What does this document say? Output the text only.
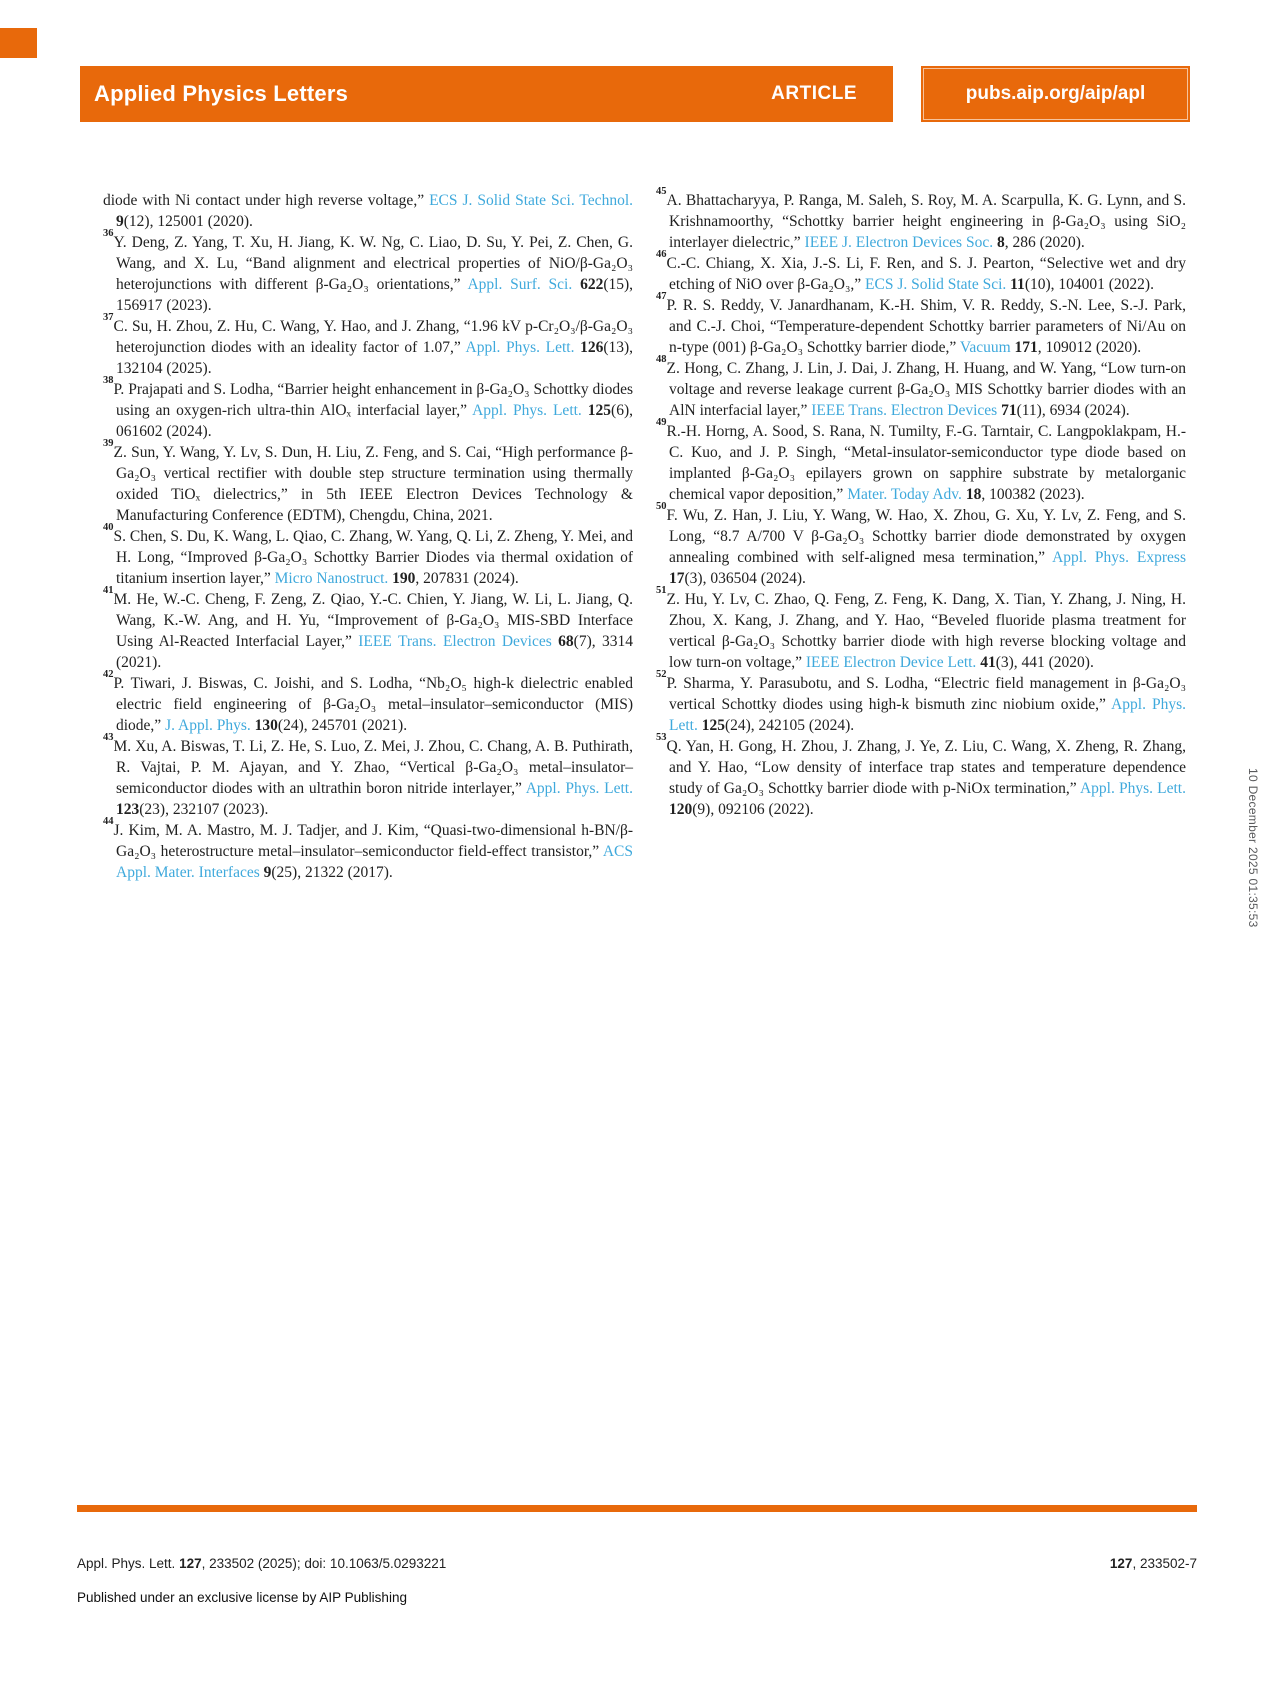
Applied Physics Letters	ARTICLE	pubs.aip.org/aip/apl
diode with Ni contact under high reverse voltage,” ECS J. Solid State Sci. Technol. 9(12), 125001 (2020).
$^{36}$Y. Deng, Z. Yang, T. Xu, H. Jiang, K. W. Ng, C. Liao, D. Su, Y. Pei, Z. Chen, G. Wang, and X. Lu, “Band alignment and electrical properties of NiO/β-Ga₂O₃ heterojunctions with different β-Ga₂O₃ orientations,” Appl. Surf. Sci. 622(15), 156917 (2023).
$^{37}$C. Su, H. Zhou, Z. Hu, C. Wang, Y. Hao, and J. Zhang, “1.96 kV p-Cr₂O₃/β-Ga₂O₃ heterojunction diodes with an ideality factor of 1.07,” Appl. Phys. Lett. 126(13), 132104 (2025).
$^{38}$P. Prajapati and S. Lodha, “Barrier height enhancement in β-Ga₂O₃ Schottky diodes using an oxygen-rich ultra-thin AlOₓ interfacial layer,” Appl. Phys. Lett. 125(6), 061602 (2024).
$^{39}$Z. Sun, Y. Wang, Y. Lv, S. Dun, H. Liu, Z. Feng, and S. Cai, “High performance β-Ga₂O₃ vertical rectifier with double step structure termination using thermally oxided TiOₓ dielectrics,” in 5th IEEE Electron Devices Technology & Manufacturing Conference (EDTM), Chengdu, China, 2021.
$^{40}$S. Chen, S. Du, K. Wang, L. Qiao, C. Zhang, W. Yang, Q. Li, Z. Zheng, Y. Mei, and H. Long, “Improved β-Ga₂O₃ Schottky Barrier Diodes via thermal oxidation of titanium insertion layer,” Micro Nanostruct. 190, 207831 (2024).
$^{41}$M. He, W.-C. Cheng, F. Zeng, Z. Qiao, Y.-C. Chien, Y. Jiang, W. Li, L. Jiang, Q. Wang, K.-W. Ang, and H. Yu, “Improvement of β-Ga₂O₃ MIS-SBD Interface Using Al-Reacted Interfacial Layer,” IEEE Trans. Electron Devices 68(7), 3314 (2021).
$^{42}$P. Tiwari, J. Biswas, C. Joishi, and S. Lodha, “Nb₂O₅ high-k dielectric enabled electric field engineering of β-Ga₂O₃ metal–insulator–semiconductor (MIS) diode,” J. Appl. Phys. 130(24), 245701 (2021).
$^{43}$M. Xu, A. Biswas, T. Li, Z. He, S. Luo, Z. Mei, J. Zhou, C. Chang, A. B. Puthirath, R. Vajtai, P. M. Ajayan, and Y. Zhao, “Vertical β-Ga₂O₃ metal–insulator–semiconductor diodes with an ultrathin boron nitride interlayer,” Appl. Phys. Lett. 123(23), 232107 (2023).
$^{44}$J. Kim, M. A. Mastro, M. J. Tadjer, and J. Kim, “Quasi-two-dimensional h-BN/β-Ga₂O₃ heterostructure metal–insulator–semiconductor field-effect transistor,” ACS Appl. Mater. Interfaces 9(25), 21322 (2017).
$^{45}$A. Bhattacharyya, P. Ranga, M. Saleh, S. Roy, M. A. Scarpulla, K. G. Lynn, and S. Krishnamoorthy, “Schottky barrier height engineering in β-Ga₂O₃ using SiO₂ interlayer dielectric,” IEEE J. Electron Devices Soc. 8, 286 (2020).
$^{46}$C.-C. Chiang, X. Xia, J.-S. Li, F. Ren, and S. J. Pearton, “Selective wet and dry etching of NiO over β-Ga₂O₃,” ECS J. Solid State Sci. 11(10), 104001 (2022).
$^{47}$P. R. S. Reddy, V. Janardhanam, K.-H. Shim, V. R. Reddy, S.-N. Lee, S.-J. Park, and C.-J. Choi, “Temperature-dependent Schottky barrier parameters of Ni/Au on n-type (001) β-Ga₂O₃ Schottky barrier diode,” Vacuum 171, 109012 (2020).
$^{48}$Z. Hong, C. Zhang, J. Lin, J. Dai, J. Zhang, H. Huang, and W. Yang, “Low turn-on voltage and reverse leakage current β-Ga₂O₃ MIS Schottky barrier diodes with an AlN interfacial layer,” IEEE Trans. Electron Devices 71(11), 6934 (2024).
$^{49}$R.-H. Horng, A. Sood, S. Rana, N. Tumilty, F.-G. Tarntair, C. Langpoklakpam, H.-C. Kuo, and J. P. Singh, “Metal-insulator-semiconductor type diode based on implanted β-Ga₂O₃ epilayers grown on sapphire substrate by metalorganic chemical vapor deposition,” Mater. Today Adv. 18, 100382 (2023).
$^{50}$F. Wu, Z. Han, J. Liu, Y. Wang, W. Hao, X. Zhou, G. Xu, Y. Lv, Z. Feng, and S. Long, “8.7 A/700 V β-Ga₂O₃ Schottky barrier diode demonstrated by oxygen annealing combined with self-aligned mesa termination,” Appl. Phys. Express 17(3), 036504 (2024).
$^{51}$Z. Hu, Y. Lv, C. Zhao, Q. Feng, Z. Feng, K. Dang, X. Tian, Y. Zhang, J. Ning, H. Zhou, X. Kang, J. Zhang, and Y. Hao, “Beveled fluoride plasma treatment for vertical β-Ga₂O₃ Schottky barrier diode with high reverse blocking voltage and low turn-on voltage,” IEEE Electron Device Lett. 41(3), 441 (2020).
$^{52}$P. Sharma, Y. Parasubotu, and S. Lodha, “Electric field management in β-Ga₂O₃ vertical Schottky diodes using high-k bismuth zinc niobium oxide,” Appl. Phys. Lett. 125(24), 242105 (2024).
$^{53}$Q. Yan, H. Gong, H. Zhou, J. Zhang, J. Ye, Z. Liu, C. Wang, X. Zheng, R. Zhang, and Y. Hao, “Low density of interface trap states and temperature dependence study of Ga₂O₃ Schottky barrier diode with p-NiOx termination,” Appl. Phys. Lett. 120(9), 092106 (2022).	10 December 2025 01:35:53
Appl. Phys. Lett. 127, 233502 (2025); doi: 10.1063/5.0293221	127, 233502-7
Published under an exclusive license by AIP Publishing
